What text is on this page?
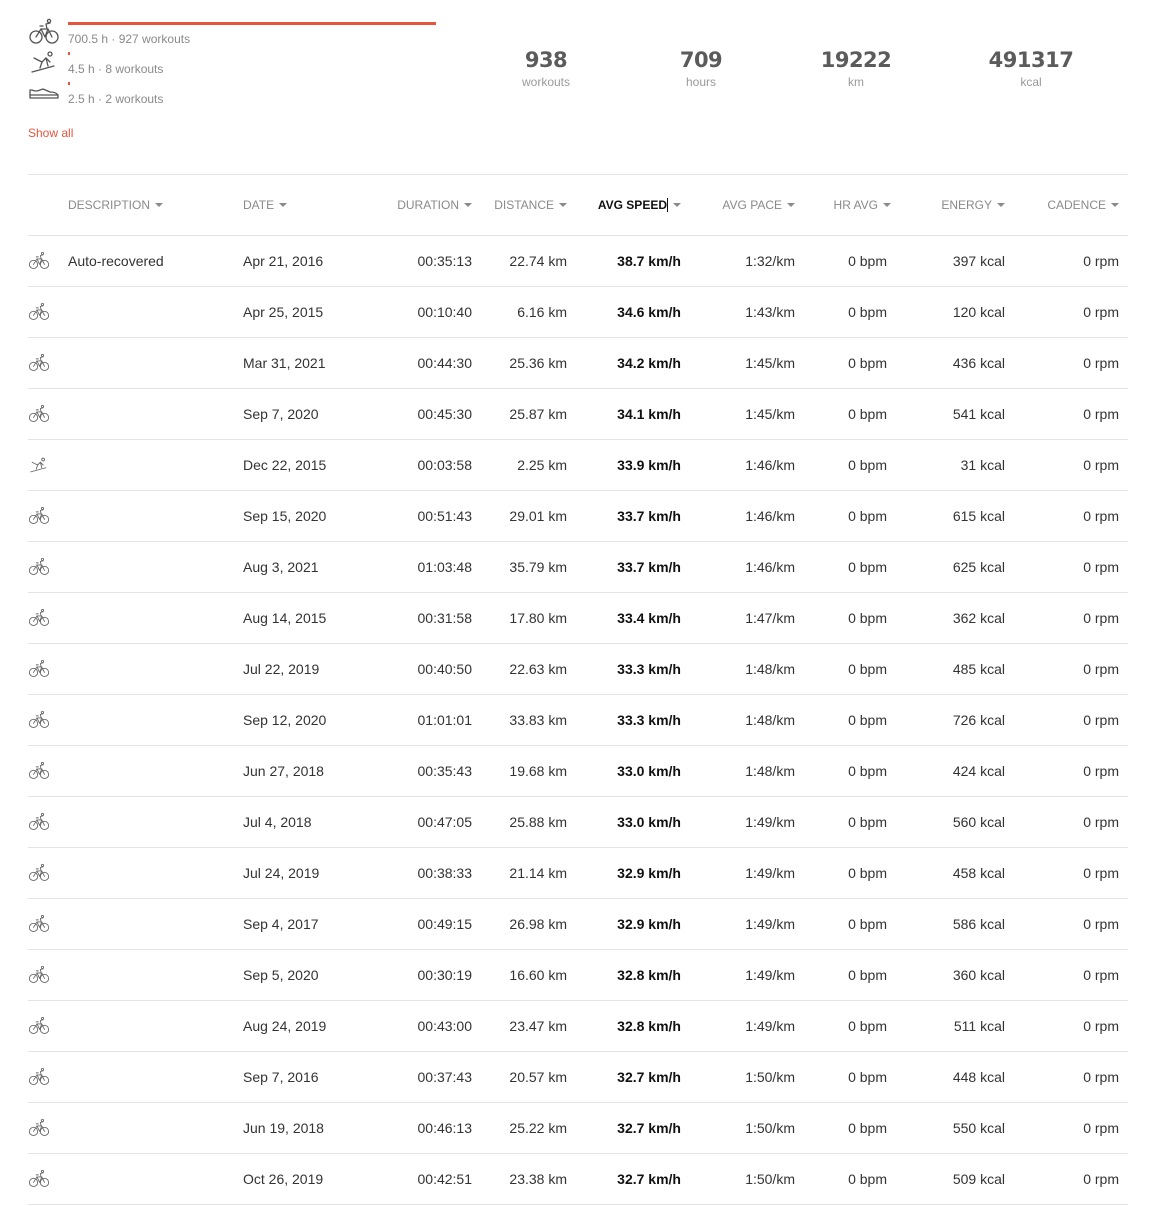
700.5 h · 927 workouts
4.5 h · 8 workouts
2.5 h · 2 workouts
Show all
938
workouts
709
hours
19222
km
491317
kcal
DESCRIPTION	DATE	DURATION	DISTANCE	AVG SPEED	AVG PACE	HR AVG	ENERGY	CADENCE
Auto-recovered	Apr 21, 2016	00:35:13	22.74 km	38.7 km/h	1:32/km	0 bpm	397 kcal	0 rpm
Apr 25, 2015	00:10:40	6.16 km	34.6 km/h	1:43/km	0 bpm	120 kcal	0 rpm
Mar 31, 2021	00:44:30	25.36 km	34.2 km/h	1:45/km	0 bpm	436 kcal	0 rpm
Sep 7, 2020	00:45:30	25.87 km	34.1 km/h	1:45/km	0 bpm	541 kcal	0 rpm
Dec 22, 2015	00:03:58	2.25 km	33.9 km/h	1:46/km	0 bpm	31 kcal	0 rpm
Sep 15, 2020	00:51:43	29.01 km	33.7 km/h	1:46/km	0 bpm	615 kcal	0 rpm
Aug 3, 2021	01:03:48	35.79 km	33.7 km/h	1:46/km	0 bpm	625 kcal	0 rpm
Aug 14, 2015	00:31:58	17.80 km	33.4 km/h	1:47/km	0 bpm	362 kcal	0 rpm
Jul 22, 2019	00:40:50	22.63 km	33.3 km/h	1:48/km	0 bpm	485 kcal	0 rpm
Sep 12, 2020	01:01:01	33.83 km	33.3 km/h	1:48/km	0 bpm	726 kcal	0 rpm
Jun 27, 2018	00:35:43	19.68 km	33.0 km/h	1:48/km	0 bpm	424 kcal	0 rpm
Jul 4, 2018	00:47:05	25.88 km	33.0 km/h	1:49/km	0 bpm	560 kcal	0 rpm
Jul 24, 2019	00:38:33	21.14 km	32.9 km/h	1:49/km	0 bpm	458 kcal	0 rpm
Sep 4, 2017	00:49:15	26.98 km	32.9 km/h	1:49/km	0 bpm	586 kcal	0 rpm
Sep 5, 2020	00:30:19	16.60 km	32.8 km/h	1:49/km	0 bpm	360 kcal	0 rpm
Aug 24, 2019	00:43:00	23.47 km	32.8 km/h	1:49/km	0 bpm	511 kcal	0 rpm
Sep 7, 2016	00:37:43	20.57 km	32.7 km/h	1:50/km	0 bpm	448 kcal	0 rpm
Jun 19, 2018	00:46:13	25.22 km	32.7 km/h	1:50/km	0 bpm	550 kcal	0 rpm
Oct 26, 2019	00:42:51	23.38 km	32.7 km/h	1:50/km	0 bpm	509 kcal	0 rpm
